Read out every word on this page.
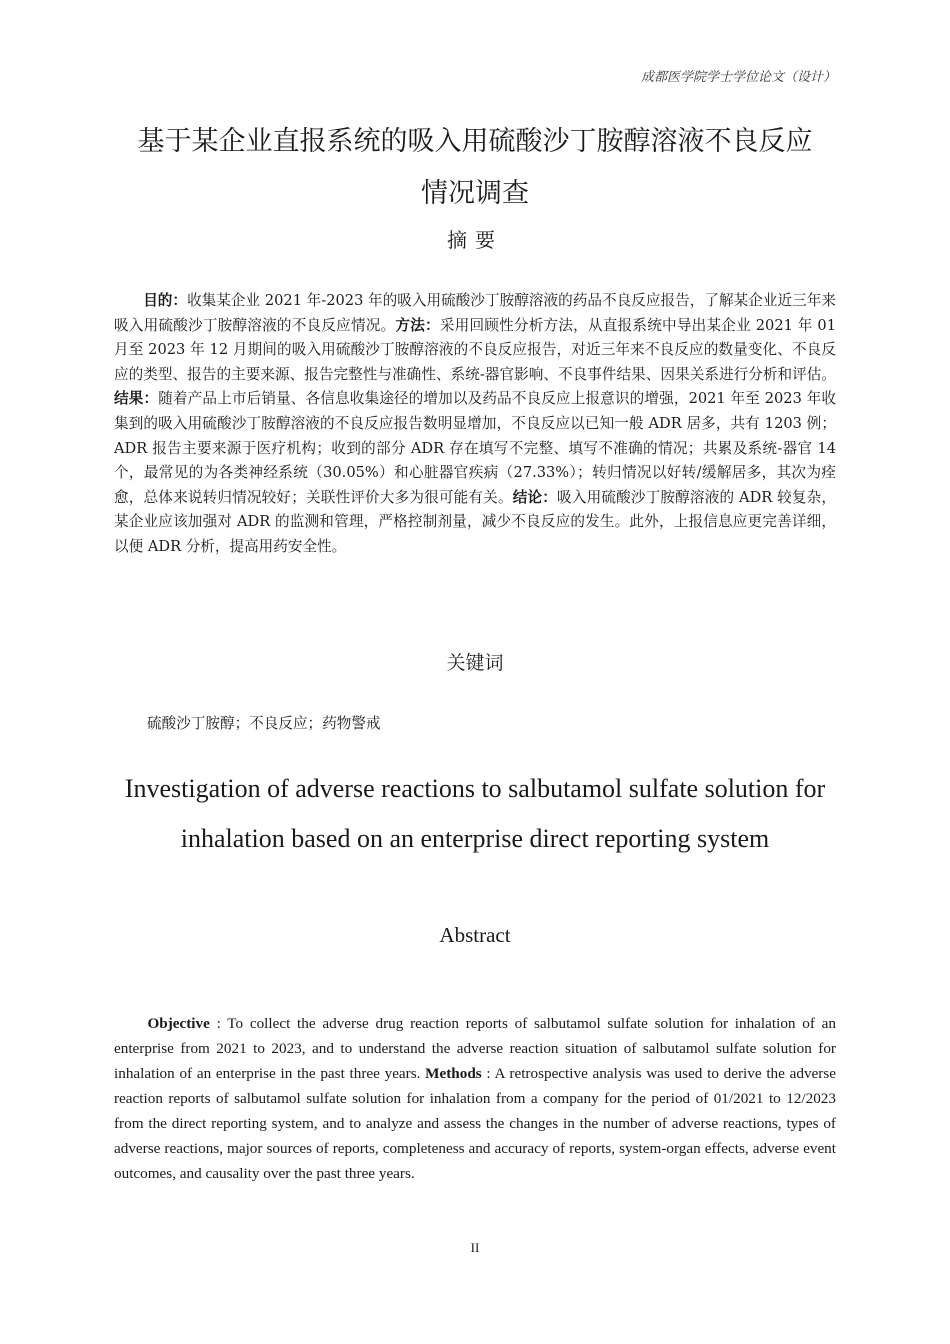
成都医学院学士学位论文（设计）
基于某企业直报系统的吸入用硫酸沙丁胺醇溶液不良反应
情况调查
摘要
目的：收集某企业 2021 年-2023 年的吸入用硫酸沙丁胺醇溶液的药品不良反应报告，了解某企业近三年来吸入用硫酸沙丁胺醇溶液的不良反应情况。方法：采用回顾性分析方法，从直报系统中导出某企业 2021 年 01 月至 2023 年 12 月期间的吸入用硫酸沙丁胺醇溶液的不良反应报告，对近三年来不良反应的数量变化、不良反应的类型、报告的主要来源、报告完整性与准确性、系统-器官影响、不良事件结果、因果关系进行分析和评估。结果：随着产品上市后销量、各信息收集途径的增加以及药品不良反应上报意识的增强，2021 年至 2023 年收集到的吸入用硫酸沙丁胺醇溶液的不良反应报告数明显增加，不良反应以已知一般 ADR 居多，共有 1203 例；ADR 报告主要来源于医疗机构；收到的部分 ADR 存在填写不完整、填写不准确的情况；共累及系统-器官 14 个，最常见的为各类神经系统（30.05%）和心脏器官疾病（27.33%）；转归情况以好转/缓解居多，其次为痊愈，总体来说转归情况较好；关联性评价大多为很可能有关。结论：吸入用硫酸沙丁胺醇溶液的 ADR 较复杂，某企业应该加强对 ADR 的监测和管理，严格控制剂量，减少不良反应的发生。此外，上报信息应更完善详细，以便 ADR 分析，提高用药安全性。
关键词
硫酸沙丁胺醇；不良反应；药物警戒
Investigation of adverse reactions to salbutamol sulfate solution for
inhalation based on an enterprise direct reporting system
Abstract
Objective : To collect the adverse drug reaction reports of salbutamol sulfate solution for inhalation of an enterprise from 2021 to 2023, and to understand the adverse reaction situation of salbutamol sulfate solution for inhalation of an enterprise in the past three years. Methods : A retrospective analysis was used to derive the adverse reaction reports of salbutamol sulfate solution for inhalation from a company for the period of 01/2021 to 12/2023 from the direct reporting system, and to analyze and assess the changes in the number of adverse reactions, types of adverse reactions, major sources of reports, completeness and accuracy of reports, system-organ effects, adverse event outcomes, and causality over the past three years.
II
